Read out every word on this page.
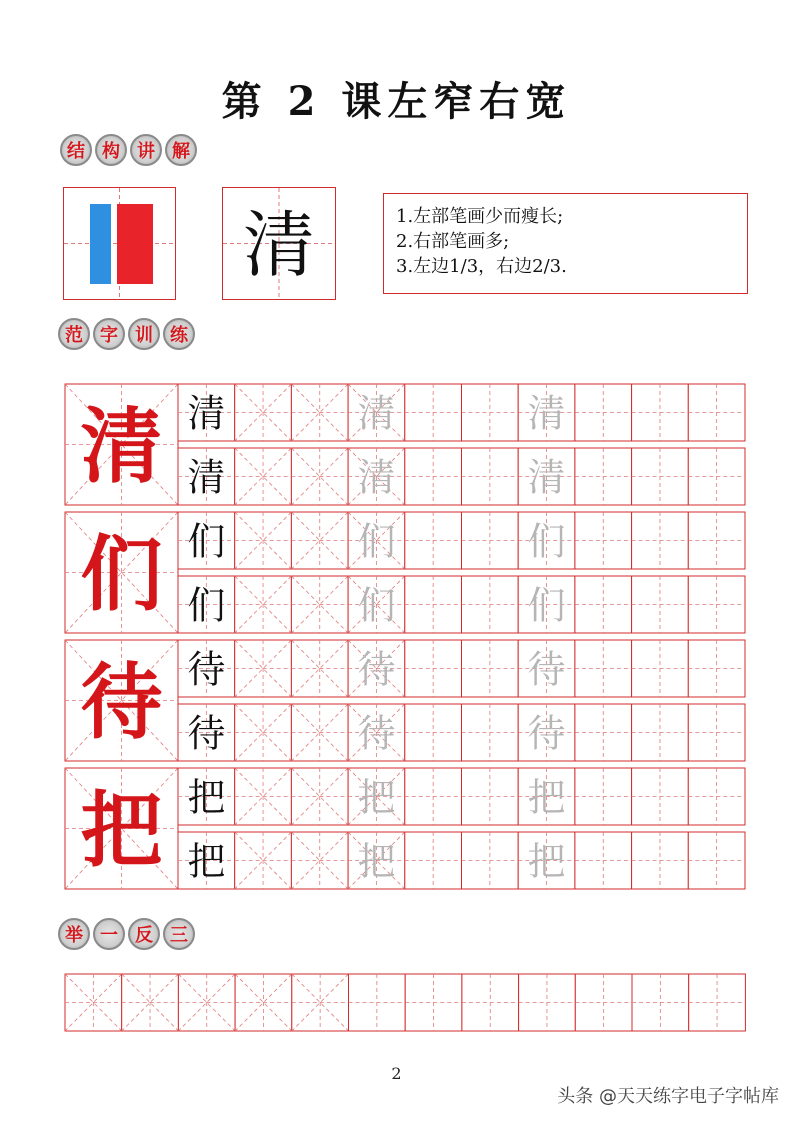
第 2 课左窄右宽
结 构 讲 解
清	1.左部笔画少而瘦长;
2.右部笔画多;
3.左边1/3，右边2/3.
范 字 训 练
清 清	清	清
清	清	清
们 们	们	们
们	们	们
待 待	待	待
待	待	待
把 把	把	把
把	把	把
举 一 反 三
2
头条 @天天练字电子字帖库
